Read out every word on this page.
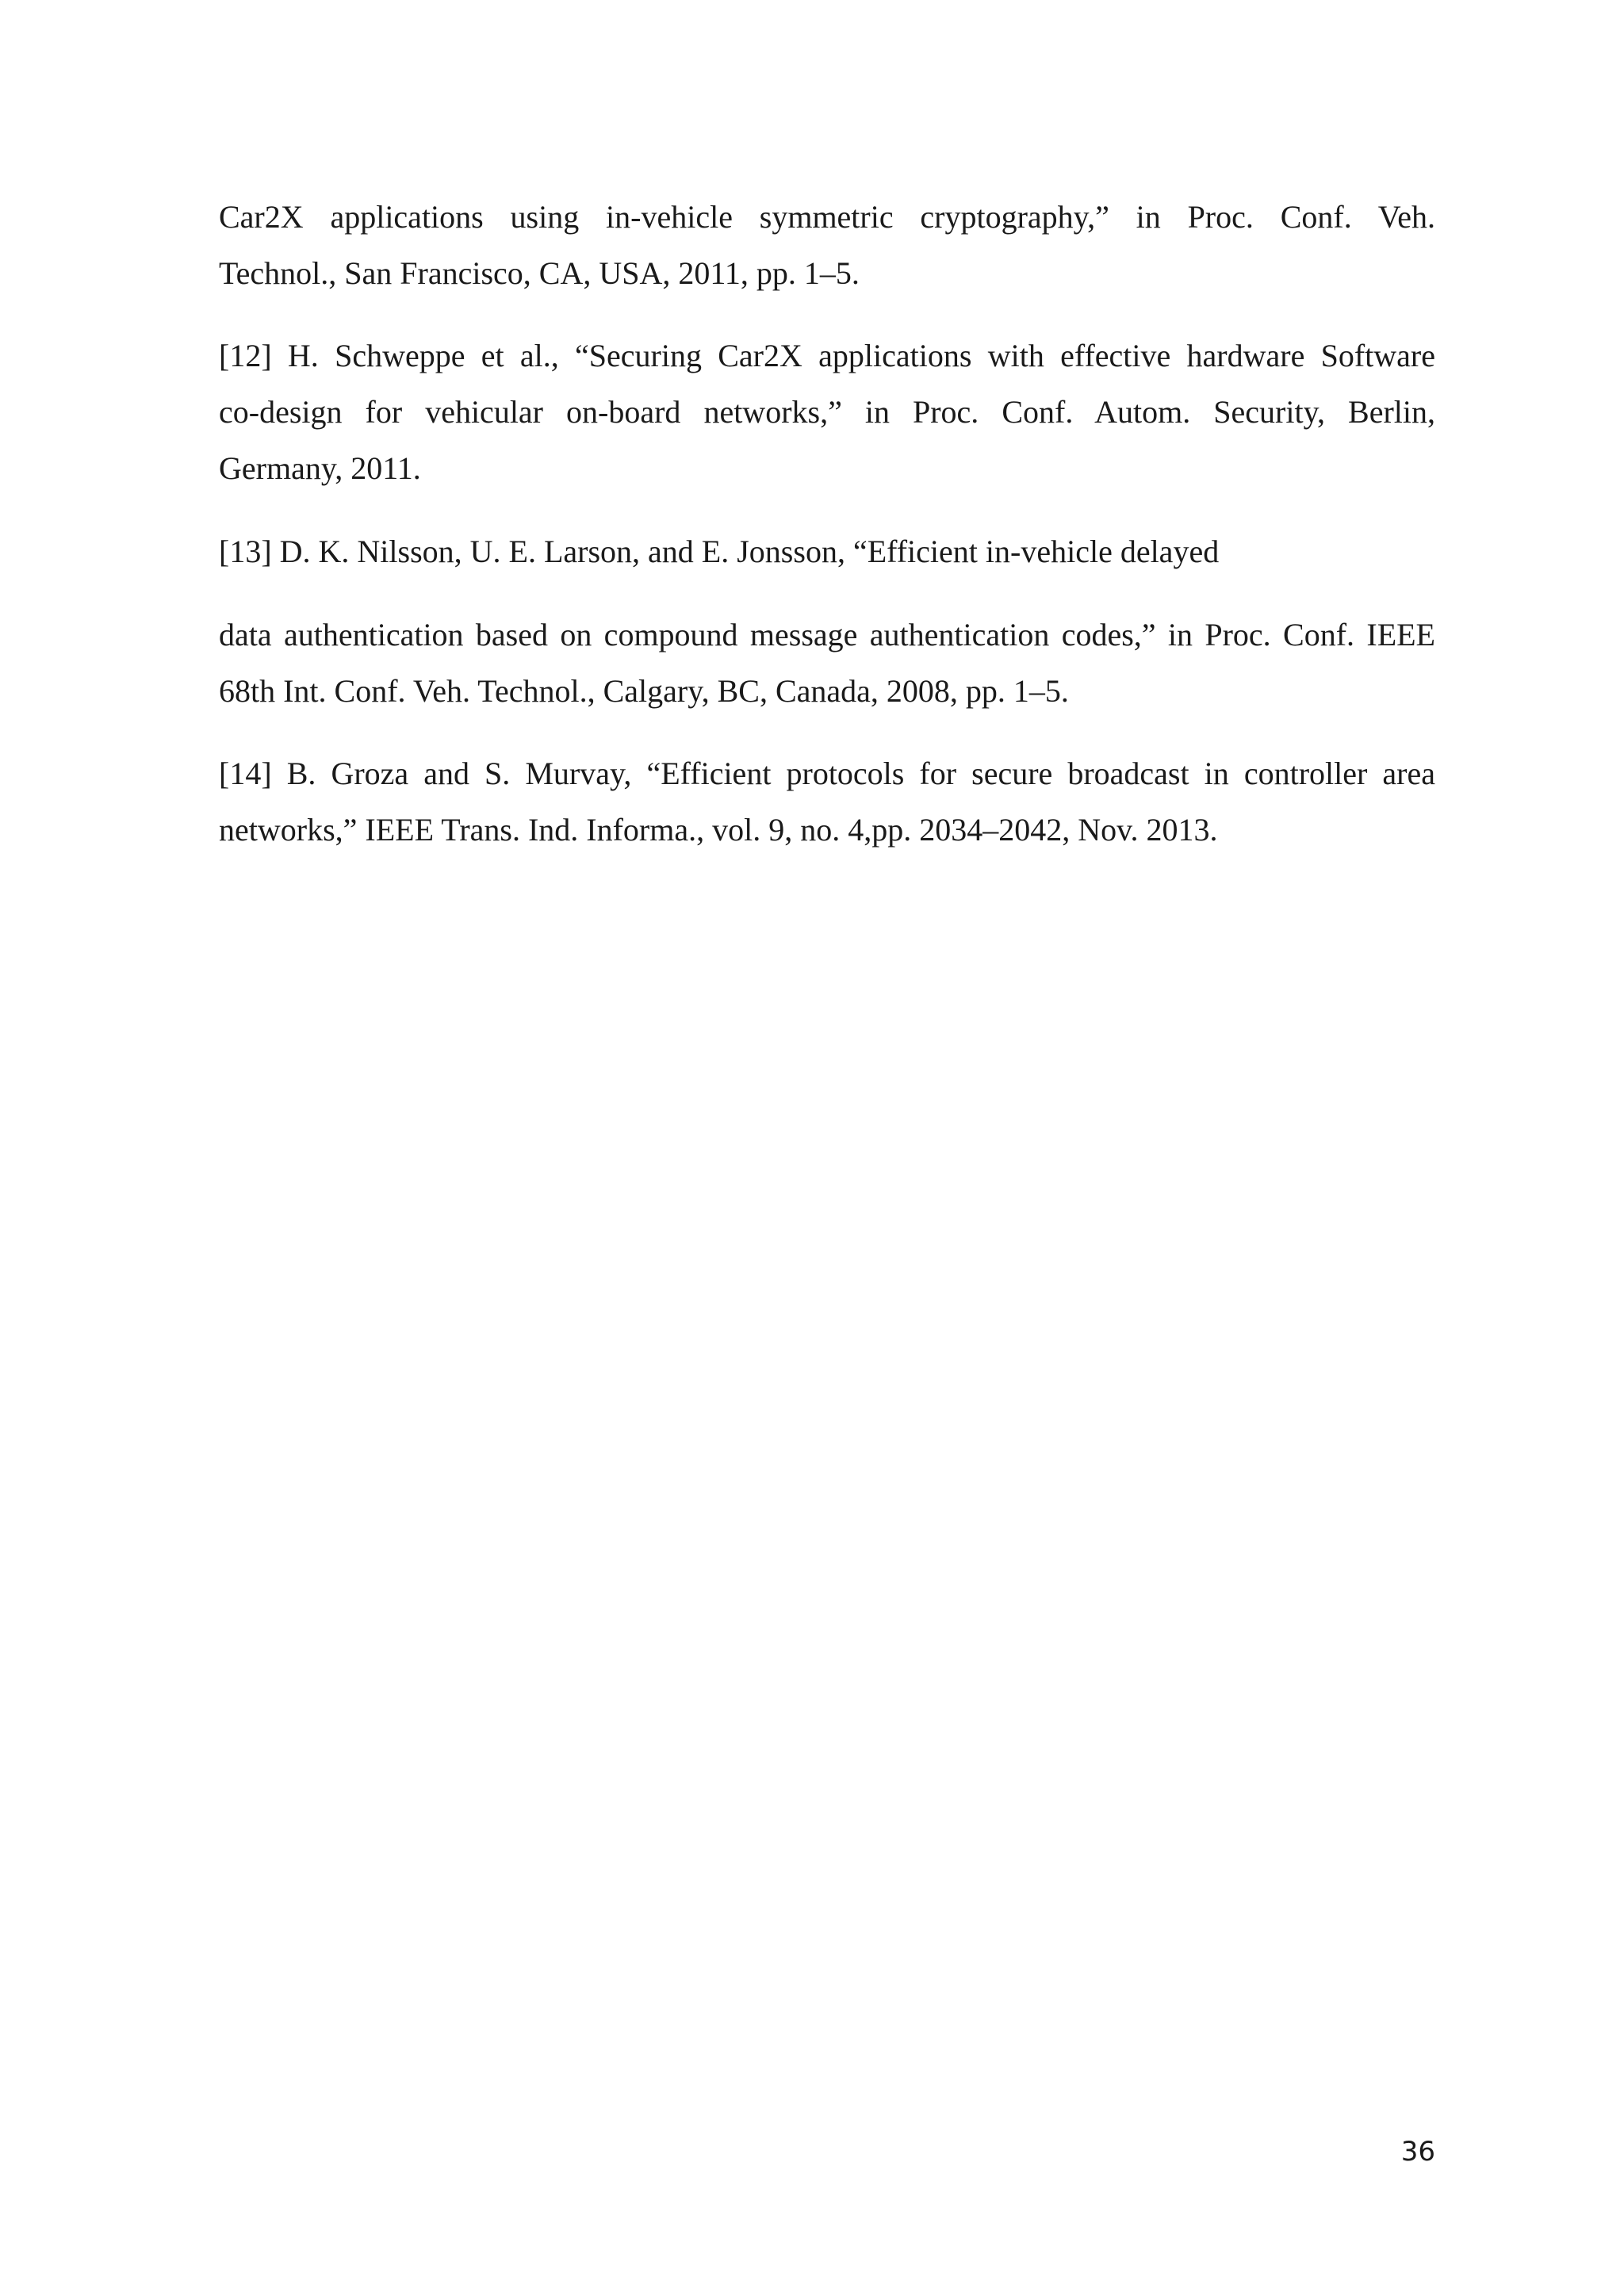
Car2X applications using in-vehicle symmetric cryptography,” in Proc. Conf. Veh.
Technol., San Francisco, CA, USA, 2011, pp. 1–5.

[12] H. Schweppe et al., “Securing Car2X applications with effective hardware Software
co-design for vehicular on-board networks,” in Proc. Conf. Autom. Security, Berlin,
Germany, 2011.

[13] D. K. Nilsson, U. E. Larson, and E. Jonsson, “Efficient in-vehicle delayed

data authentication based on compound message authentication codes,” in Proc. Conf. IEEE
68th Int. Conf. Veh. Technol., Calgary, BC, Canada, 2008, pp. 1–5.

[14] B. Groza and S. Murvay, “Efficient protocols for secure broadcast in controller area
networks,” IEEE Trans. Ind. Informa., vol. 9, no. 4,pp. 2034–2042, Nov. 2013.

36
